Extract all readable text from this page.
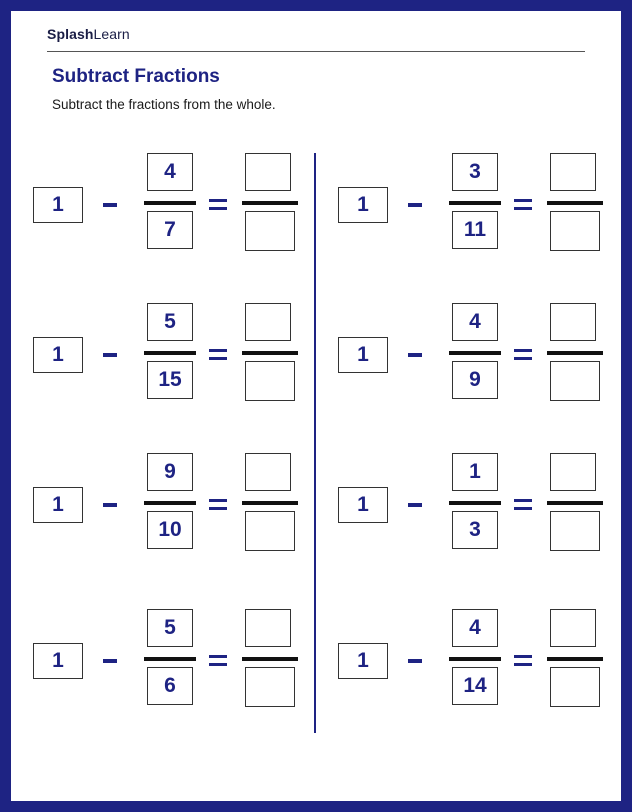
SplashLearn
Subtract Fractions
Subtract the fractions from the whole.
1
4
7
1
3
11
1
5
15
1
4
9
1
9
10
1
1
3
1
5
6
1
4
14
